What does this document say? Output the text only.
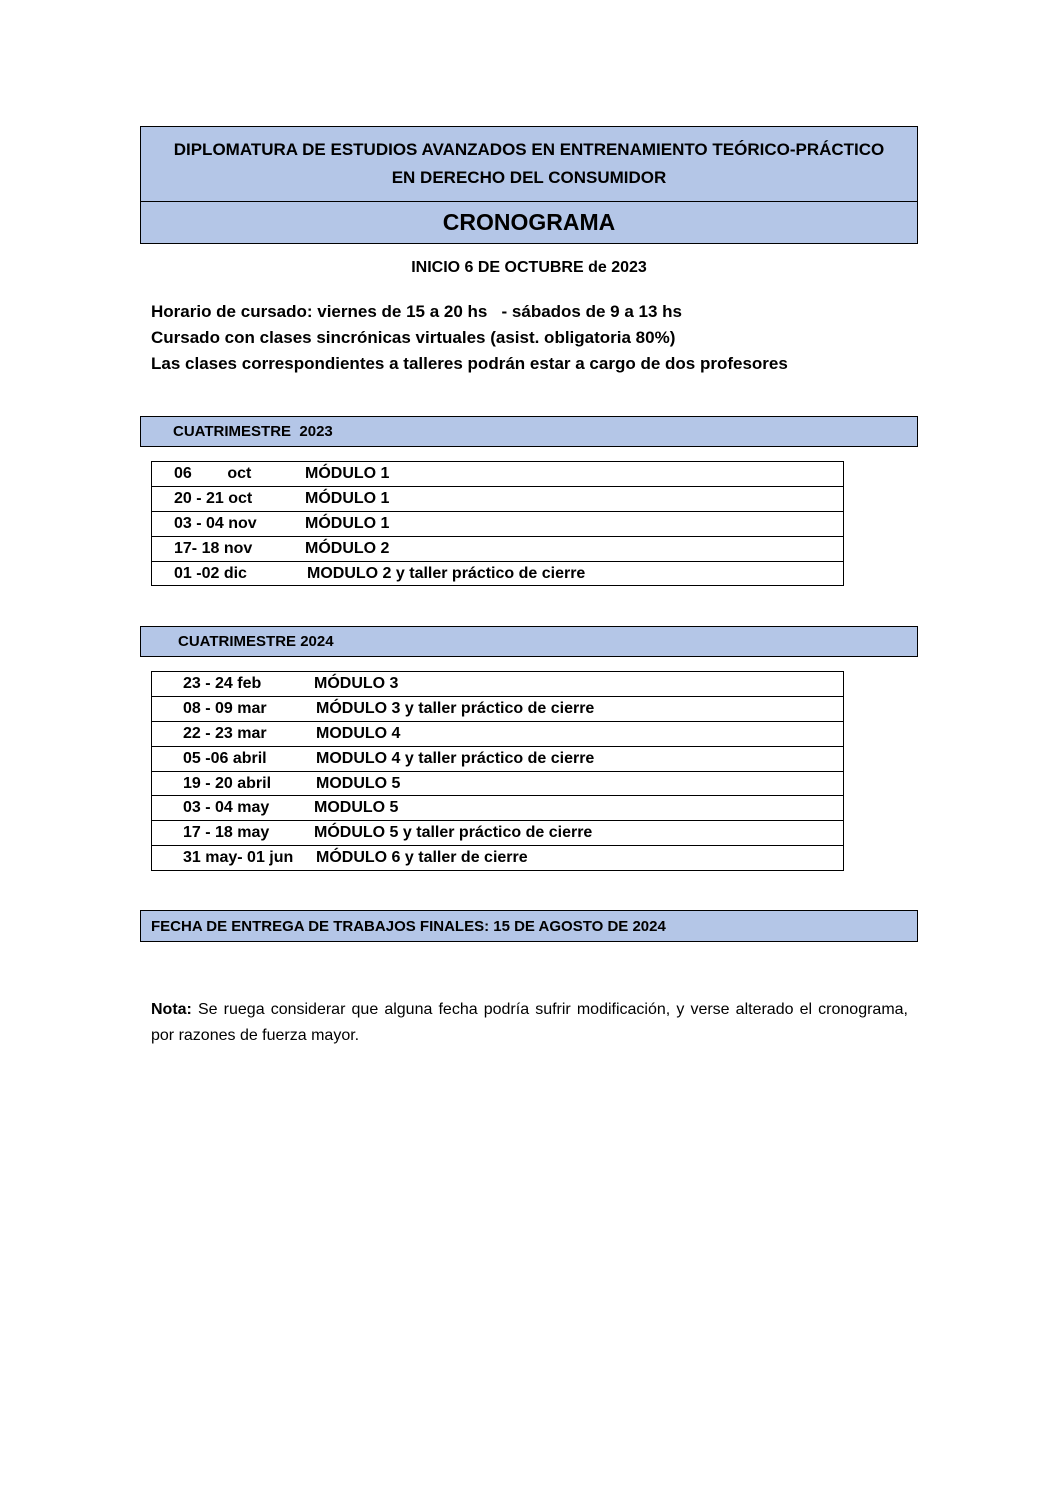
DIPLOMATURA DE ESTUDIOS AVANZADOS EN ENTRENAMIENTO TEÓRICO-PRÁCTICO
EN DERECHO DEL CONSUMIDOR
CRONOGRAMA
INICIO 6 DE OCTUBRE de 2023
Horario de cursado: viernes de 15 a 20 hs   - sábados de 9 a 13 hs
Cursado con clases sincrónicas virtuales (asist. obligatoria 80%)
Las clases correspondientes a talleres podrán estar a cargo de dos profesores
CUATRIMESTRE  2023
06        oct	MÓDULO 1
20 - 21 oct	MÓDULO 1
03 - 04 nov	MÓDULO 1
17- 18 nov	MÓDULO 2
01 -02 dic	MODULO 2 y taller práctico de cierre
CUATRIMESTRE 2024
23 - 24 feb	MÓDULO 3
08 - 09 mar	MÓDULO 3 y taller práctico de cierre
22 - 23 mar	MODULO 4
05 -06 abril	MODULO 4 y taller práctico de cierre
19 - 20 abril	MODULO 5
03 - 04 may	MODULO 5
17 - 18 may	MÓDULO 5 y taller práctico de cierre
31 may- 01 jun MÓDULO 6 y taller de cierre
FECHA DE ENTREGA DE TRABAJOS FINALES: 15 DE AGOSTO DE 2024
Nota: Se ruega considerar que alguna fecha podría sufrir modificación, y verse alterado el cronograma, por razones de fuerza mayor.
